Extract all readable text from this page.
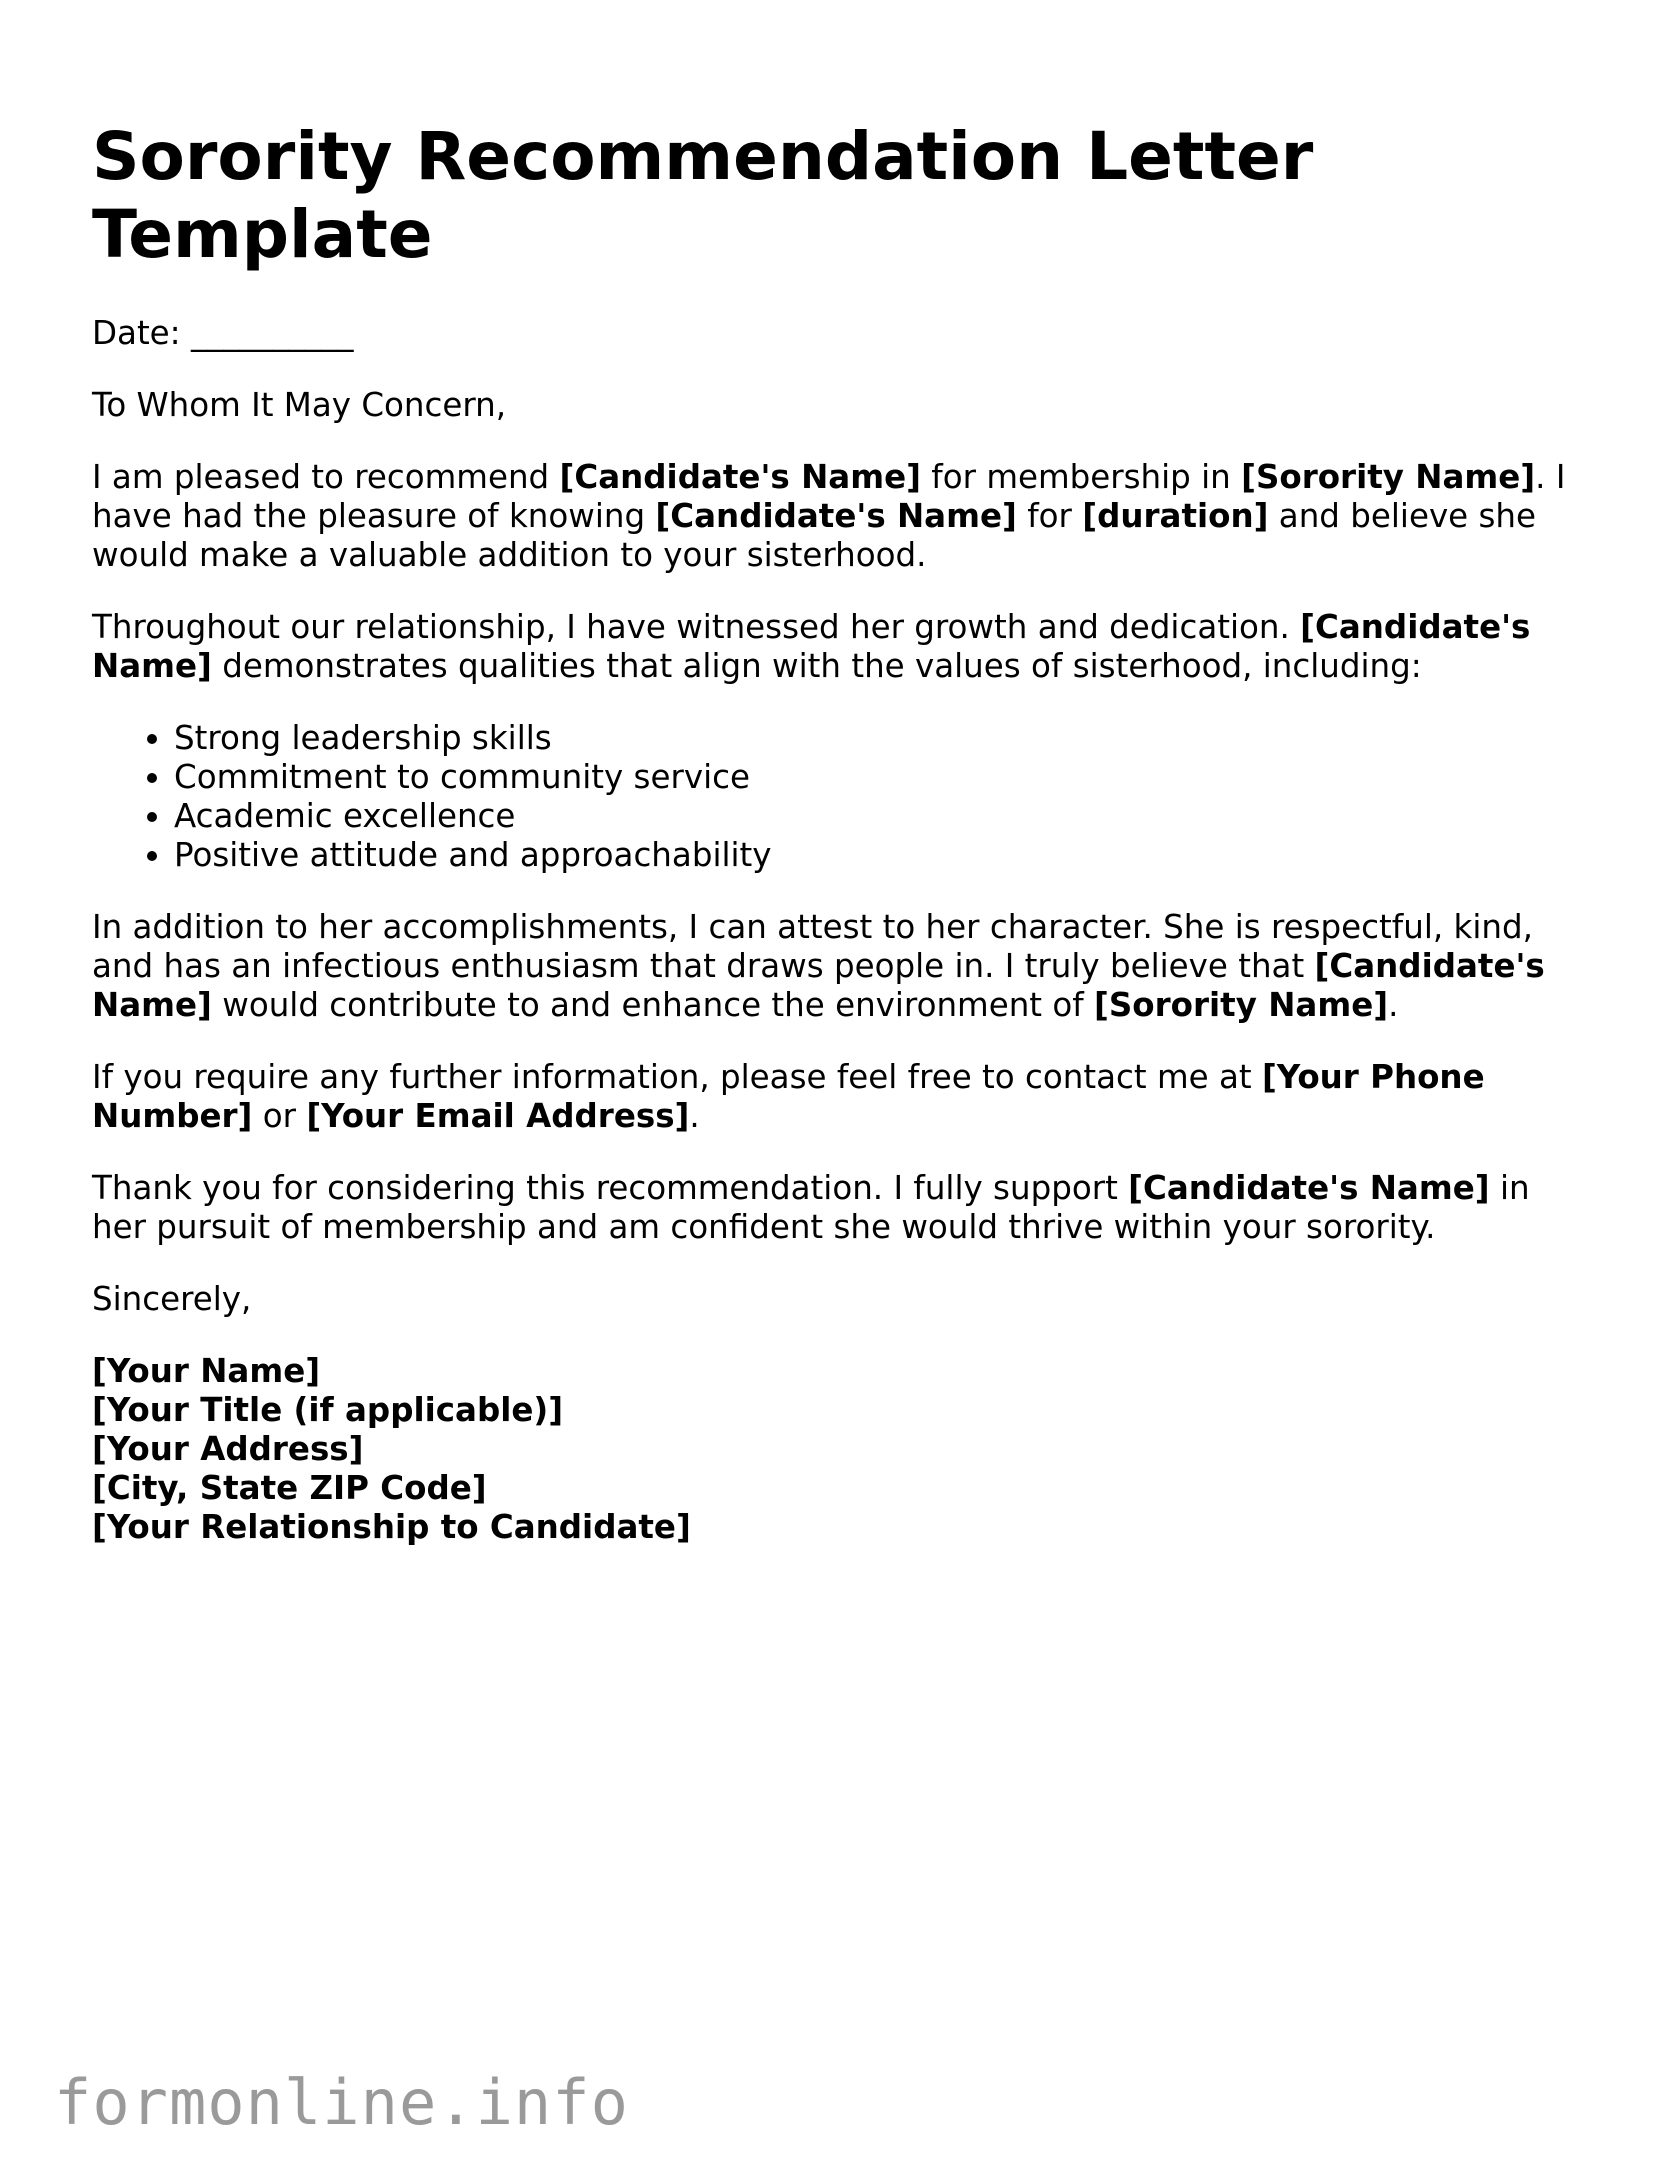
Sorority Recommendation Letter Template

Date: __________

To Whom It May Concern,

I am pleased to recommend [Candidate's Name] for membership in [Sorority Name]. I have had the pleasure of knowing [Candidate's Name] for [duration] and believe she would make a valuable addition to your sisterhood.

Throughout our relationship, I have witnessed her growth and dedication. [Candidate's Name] demonstrates qualities that align with the values of sisterhood, including:

• Strong leadership skills
• Commitment to community service
• Academic excellence
• Positive attitude and approachability

In addition to her accomplishments, I can attest to her character. She is respectful, kind, and has an infectious enthusiasm that draws people in. I truly believe that [Candidate's Name] would contribute to and enhance the environment of [Sorority Name].

If you require any further information, please feel free to contact me at [Your Phone Number] or [Your Email Address].

Thank you for considering this recommendation. I fully support [Candidate's Name] in her pursuit of membership and am confident she would thrive within your sorority.

Sincerely,

[Your Name]
[Your Title (if applicable)]
[Your Address]
[City, State ZIP Code]
[Your Relationship to Candidate]
formonline.info
